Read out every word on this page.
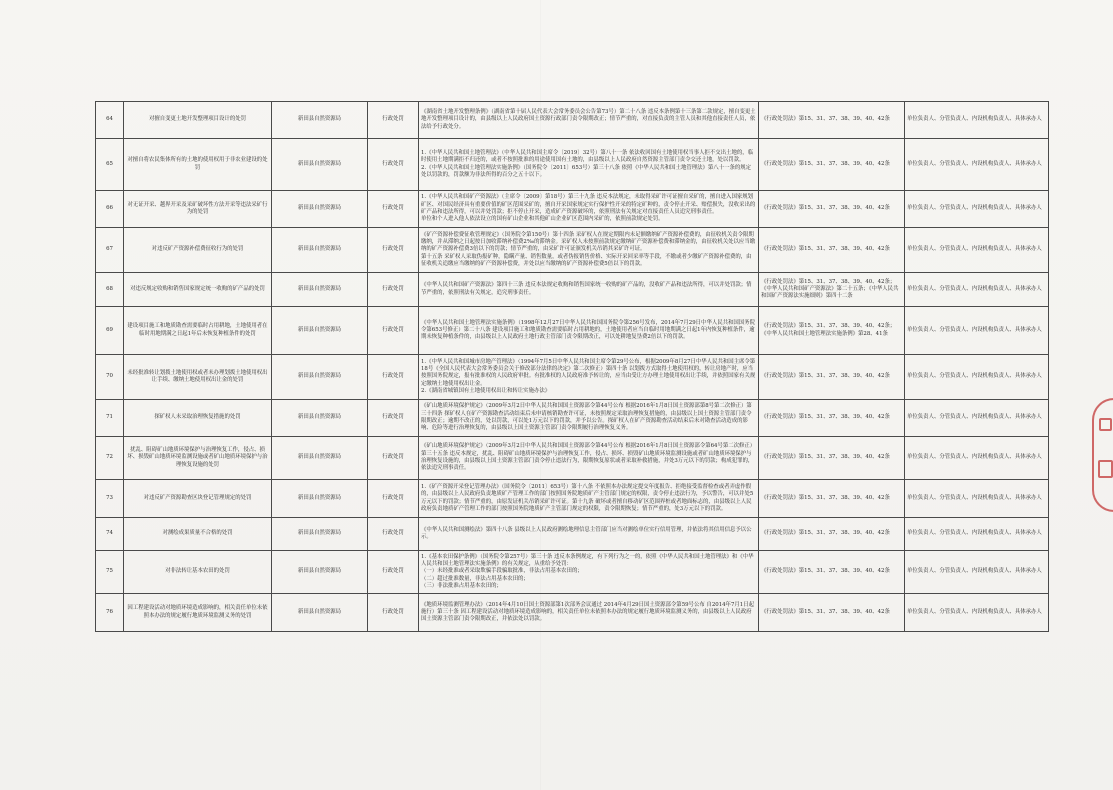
64	对擅自变更土地开发整理项目设计的处罚	新田县自然资源局	行政处罚	《湖南省土地开发整理条例》（湖南省第十届人民代表大会常务委员会公告第73号）第二十八条 违反本条例第十三条第二款规定，擅自变更土地开发整理项目设计的，由县级以上人民政府国土资源行政部门责令限期改正；情节严重的，对直接负责的主管人员和其他直接责任人员，依法给予行政处分。	《行政处罚法》第15、31、37、38、39、40、42条	单位负责人、分管负责人、内设机构负责人、具体承办人
65	对擅自将农民集体所有的土地的使用权用于非农业建设的处罚	新田县自然资源局	行政处罚	1.《中华人民共和国土地管理法》（中华人民共和国主席令〔2019〕32号）第八十一条 依法收回国有土地使用权当事人拒不交出土地的，临时使用土地期满拒不归还的，或者不按照批准的用途使用国有土地的，由县级以上人民政府自然资源主管部门责令交还土地，处以罚款。
2.《中华人民共和国土地管理法实施条例》（国务院令〔2011〕653号）第三十八条 依照《中华人民共和国土地管理法》第八十一条的规定处以罚款的，罚款额为非法所得的百分之五十以下。	《行政处罚法》第15、31、37、38、39、40、42条	单位负责人、分管负责人、内设机构负责人、具体承办人
66	对无证开采、越界开采及采矿破坏性方法开采等违法采矿行为的处罚	新田县自然资源局	行政处罚	1.《中华人民共和国矿产资源法》（主席令〔2009〕第18号）第三十九条 违反本法规定，未取得采矿许可证擅自采矿的，擅自进入国家规划矿区、对国民经济具有重要价值的矿区范围采矿的，擅自开采国家规定实行保护性开采的特定矿种的，责令停止开采、赔偿损失，没收采出的矿产品和违法所得，可以并处罚款；拒不停止开采，造成矿产资源破坏的，依照刑法有关规定对直接责任人员追究刑事责任。
单位和个人进入他人依法设立的国有矿山企业和其他矿山企业矿区范围内采矿的，依照前款规定处罚。	《行政处罚法》第15、31、37、38、39、40、42条	单位负责人、分管负责人、内设机构负责人、具体承办人
67	对违反矿产资源补偿费征收行为的处罚	新田县自然资源局	行政处罚	《矿产资源补偿费征收管理规定》（国务院令第150号）第十四条 采矿权人在规定期限内未足额缴纳矿产资源补偿费的，由征收机关责令限期缴纳，并从滞纳之日起按日加收滞纳补偿费2‰的滞纳金。采矿权人未按照前款规定缴纳矿产资源补偿费和滞纳金的，由征收机关处以应当缴纳的矿产资源补偿费3倍以下的罚款；情节严重的，由采矿许可证颁发机关吊销其采矿许可证。
第十五条 采矿权人采取伪报矿种，隐瞒产量、销售数量，或者伪报销售价格、实际开采回采率等手段，不缴或者少缴矿产资源补偿费的，由征收机关追缴应当缴纳的矿产资源补偿费，并处以应当缴纳的矿产资源补偿费5倍以下的罚款。	《行政处罚法》第15、31、37、38、39、40、42条	单位负责人、分管负责人、内设机构负责人、具体承办人
68	对违反规定收购和销售国家规定统一收购的矿产品的处罚	新田县自然资源局	行政处罚	《中华人民共和国矿产资源法》第四十三条 违反本法规定收购和销售国家统一收购的矿产品的，没收矿产品和违法所得，可以并处罚款；情节严重的，依照刑法有关规定，追究刑事责任。	《行政处罚法》第15、31、37、38、39、40、42条；《中华人民共和国矿产资源法》第二十五条；《中华人民共和国矿产资源法实施细则》第四十二条	单位负责人、分管负责人、内设机构负责人、具体承办人
69	建设项目施工和地质勘查需要临时占用耕地，土地使用者在临时用地期满之日起1年后未恢复种植条件的处罚	新田县自然资源局	行政处罚	《中华人民共和国土地管理法实施条例》（1998年12月27日中华人民共和国国务院令第256号发布，2014年7月29日中华人民共和国国务院令第653号修正）第二十八条 建设项目施工和地质勘查需要临时占用耕地的，土地使用者应当自临时用地期满之日起1年内恢复种植条件，逾期未恢复种植条件的，由县级以上人民政府土地行政主管部门责令限期改正，可以处耕地复垦费2倍以下的罚款。	《行政处罚法》第15、31、37、38、39、40、42条；《中华人民共和国土地管理法实施条例》第28、41条	单位负责人、分管负责人、内设机构负责人、具体承办人
70	未经批准转让划拨土地使用权或者未办理划拨土地使用权出让手续、缴纳土地使用权出让金的处罚	新田县自然资源局	行政处罚	1.《中华人民共和国城市房地产管理法》（1994年7月5日中华人民共和国主席令第29号公布，根据2009年8月27日中华人民共和国主席令第18号《全国人民代表大会常务委员会关于修改部分法律的决定》第二次修正）第四十条 以划拨方式取得土地使用权的，转让房地产时，应当按照国务院规定，报有批准权的人民政府审批。有批准权的人民政府准予转让的，应当由受让方办理土地使用权出让手续，并依照国家有关规定缴纳土地使用权出让金。
2.《湖南省城镇国有土地使用权出让和转让实施办法》	《行政处罚法》第15、31、37、38、39、40、42条	单位负责人、分管负责人、内设机构负责人、具体承办人
71	探矿权人未采取治理恢复措施的处罚	新田县自然资源局	行政处罚	《矿山地质环境保护规定》（2009年3月2日中华人民共和国国土资源部令第44号公布 根据2016年1月8日国土资源部第8号第二次修正）第三十四条 探矿权人在矿产资源勘查活动结束后未申请核销勘查许可证，未按照规定采取治理恢复措施的，由县级以上国土资源主管部门责令限期改正；逾期不改正的，处以罚款，可以处1万元以下的罚款，并予以公告。探矿权人在矿产资源勘查活动结束后未对勘查活动造成的影响、危险等进行治理恢复的，由县级以上国土资源主管部门责令限期履行治理恢复义务。	《行政处罚法》第15、31、37、38、39、40、42条	单位负责人、分管负责人、内设机构负责人、具体承办人
72	扰乱、阻碍矿山地质环境保护与治理恢复工作，侵占、损坏、损毁矿山地质环境监测设施或者矿山地质环境保护与治理恢复设施的处罚	新田县自然资源局	行政处罚	《矿山地质环境保护规定》（2009年3月2日中华人民共和国国土资源部令第44号公布 根据2016年1月8日国土资源部令第64号第二次修正）第三十五条 违反本规定，扰乱、阻碍矿山地质环境保护与治理恢复工作，侵占、损坏、损毁矿山地质环境监测设施或者矿山地质环境保护与治理恢复设施的，由县级以上国土资源主管部门责令停止违法行为，限期恢复原状或者采取补救措施，并处3万元以下的罚款；构成犯罪的，依法追究刑事责任。	《行政处罚法》第15、31、37、38、39、40、42条	单位负责人、分管负责人、内设机构负责人、具体承办人
73	对违反矿产资源勘查区块登记管理规定的处罚	新田县自然资源局	行政处罚	1.《矿产资源开采登记管理办法》（国务院令〔2011〕653号）第十八条 不依照本办法规定提交年度报告、拒绝接受监督检查或者弄虚作假的，由县级以上人民政府负责地质矿产管理工作的部门按照国务院地质矿产主管部门规定的权限，责令停止违法行为，予以警告，可以并处5万元以下的罚款；情节严重的，由原发证机关吊销采矿许可证。第十九条 破坏或者擅自移动矿区范围界桩或者地面标志的，由县级以上人民政府负责地质矿产管理工作的部门按照国务院地质矿产主管部门规定的权限，责令限期恢复；情节严重的，处3万元以下的罚款。	《行政处罚法》第15、31、37、38、39、40、42条	单位负责人、分管负责人、内设机构负责人、具体承办人
74	对测绘成果质量不合格的处罚	新田县自然资源局	行政处罚	《中华人民共和国测绘法》第四十八条 县级以上人民政府测绘地理信息主管部门应当对测绘单位实行信用管理，并依法将其信用信息予以公示。	《行政处罚法》第15、31、37、38、39、40、42条	单位负责人、分管负责人、内设机构负责人、具体承办人
75	对非法转让基本农田的处罚	新田县自然资源局	行政处罚	1.《基本农田保护条例》（国务院令第257号）第三十条 违反本条例规定，有下列行为之一的，依照《中华人民共和国土地管理法》和《中华人民共和国土地管理法实施条例》的有关规定，从重给予处罚：
（一）未经批准或者采取欺骗手段骗取批准，非法占用基本农田的；
（二）超过批准数量，非法占用基本农田的；
（三）非法批准占用基本农田的；	《行政处罚法》第15、31、37、38、39、40、42条	单位负责人、分管负责人、内设机构负责人、具体承办人
76	因工程建设活动对地质环境造成影响的，相关责任单位未依照本办法的规定履行地质环境监测义务的处罚	新田县自然资源局	行政处罚	《地质环境监测管理办法》（2014年4月10日国土资源部第1次部务会议通过 2014年4月29日国土资源部令第59号公布 自2014年7月1日起施行）第三十条 因工程建设活动对地质环境造成影响的，相关责任单位未依照本办法的规定履行地质环境监测义务的，由县级以上人民政府国土资源主管部门责令限期改正，并依法处以罚款。	《行政处罚法》第15、31、37、38、39、40、42条	单位负责人、分管负责人、内设机构负责人、具体承办人
